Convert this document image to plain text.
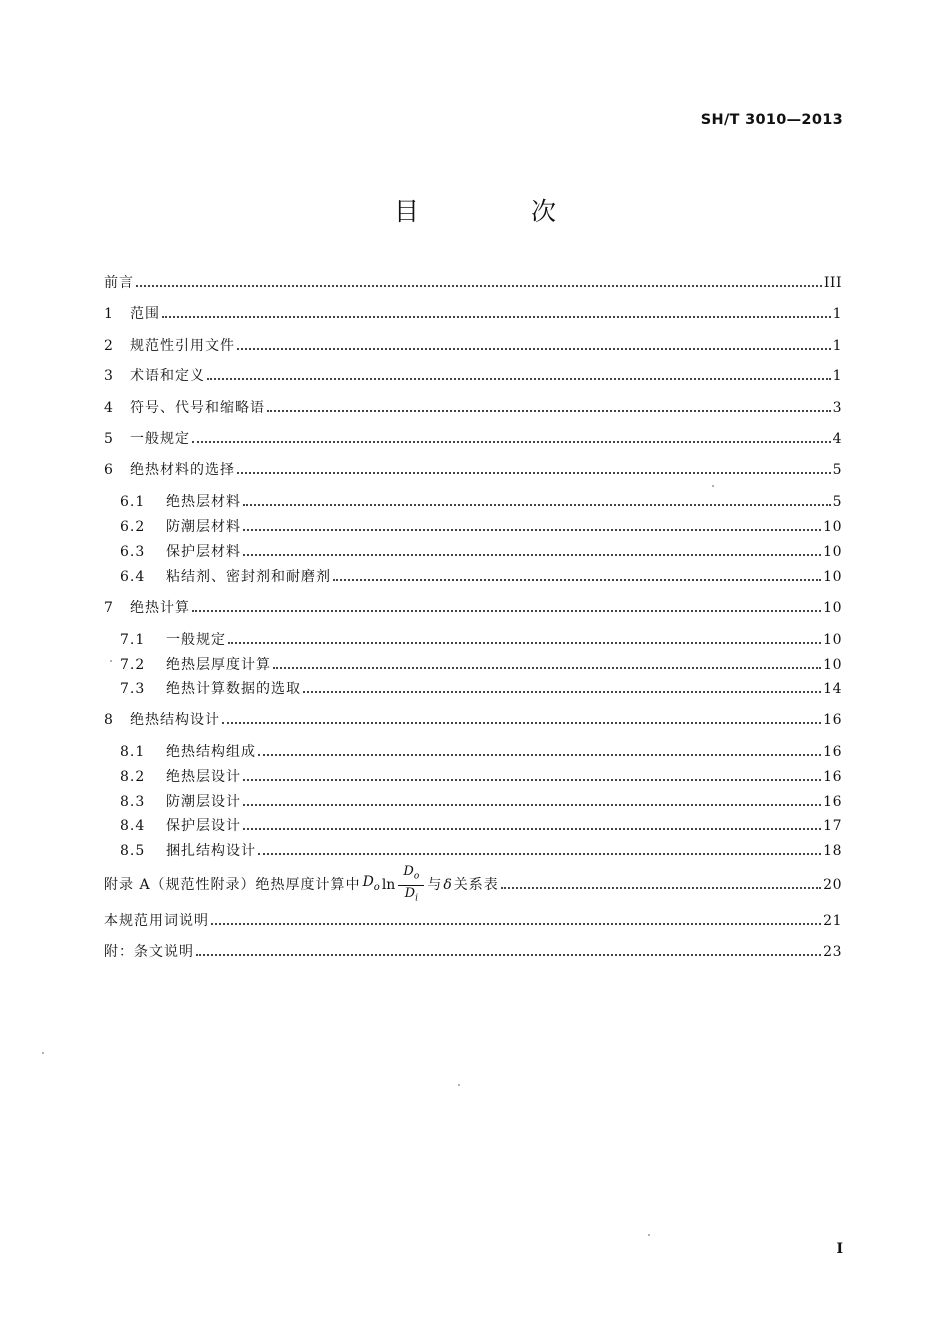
SH/T 3010—2013
目 次
前言	III
1	范围	1
2	规范性引用文件	1
3	术语和定义	1
4	符号、代号和缩略语	3
5	一般规定	4
6	绝热材料的选择	5
6.1	绝热层材料	5
6.2	防潮层材料	10
6.3	保护层材料	10
6.4	粘结剂、密封剂和耐磨剂	10
7	绝热计算	10
7.1	一般规定	10
7.2	绝热层厚度计算	10
7.3	绝热计算数据的选取	14
8	绝热结构设计	16
8.1	绝热结构组成	16
8.2	绝热层设计	16
8.3	防潮层设计	16
8.4	保护层设计	17
8.5	捆扎结构设计	18
附录 A（规范性附录）绝热厚度计算中 $D_o$ $\ln \frac{D_o}{D_i}$ 与 δ 关系表	20
本规范用词说明	21
附：条文说明	23
I
